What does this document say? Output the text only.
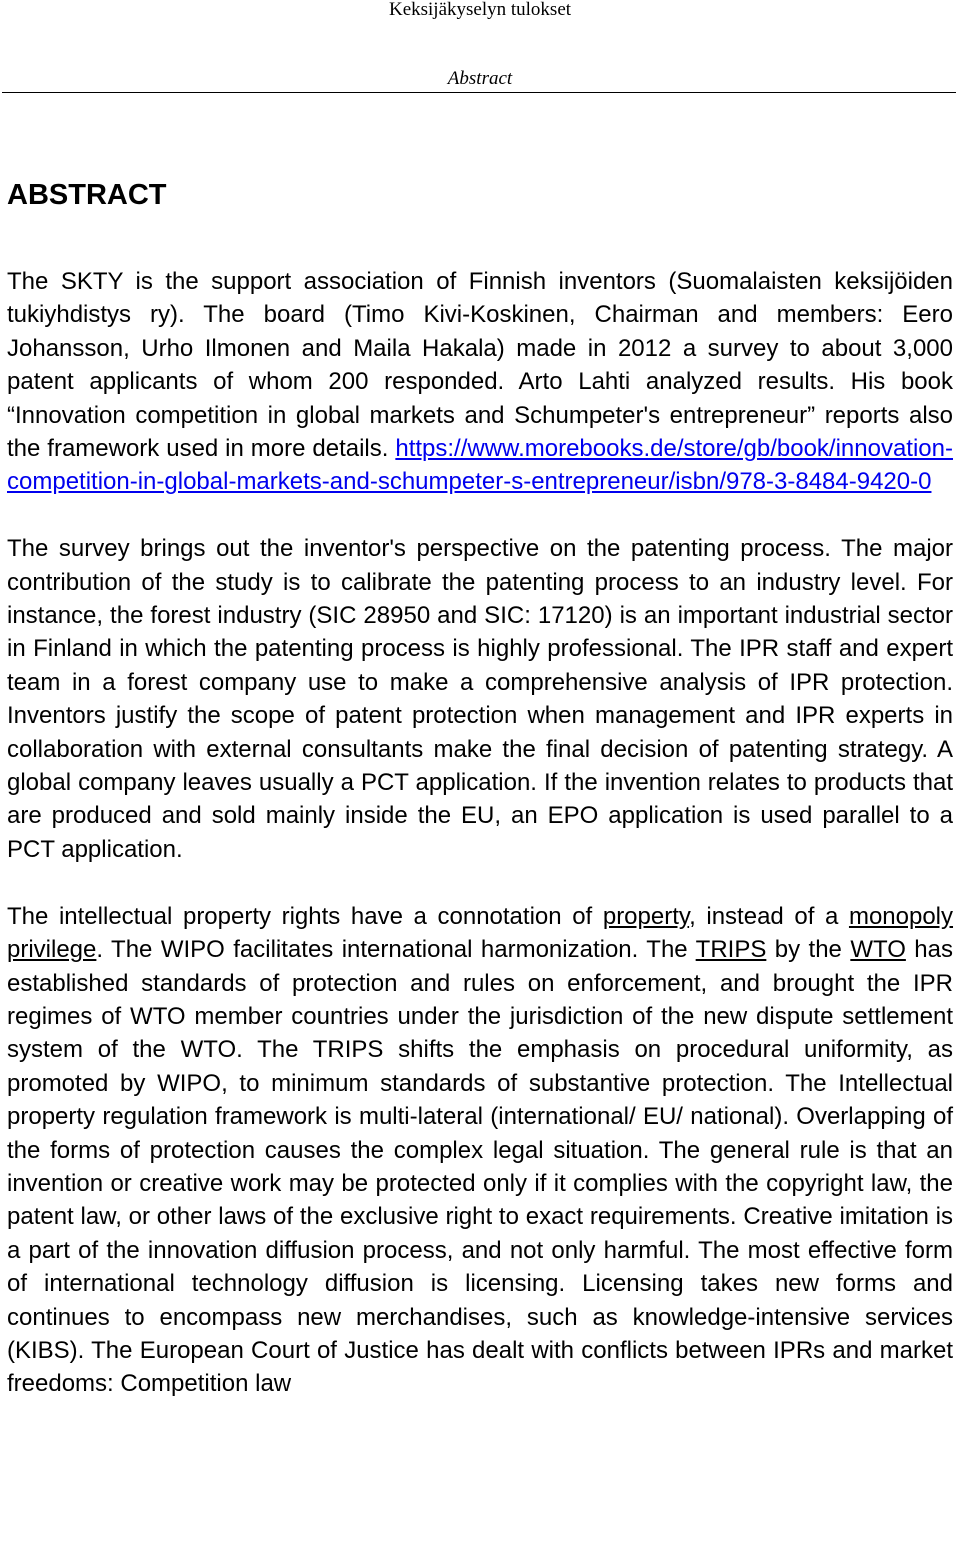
Keksijäkyselyn tulokset
Abstract
ABSTRACT

The SKTY is the support association of Finnish inventors (Suomalaisten keksijöiden tukiyhdistys ry). The board (Timo Kivi-Koskinen, Chairman and members: Eero Johansson, Urho Ilmonen and Maila Hakala) made in 2012 a survey to about 3,000 patent applicants of whom 200 responded. Arto Lahti analyzed results. His book “Innovation competition in global markets and Schumpeter's entrepreneur” reports also the framework used in more details. https://www.morebooks.de/store/gb/book/innovation-competition-in-global-markets-and-schumpeter-s-entrepreneur/isbn/978-3-8484-9420-0

The survey brings out the inventor's perspective on the patenting process. The major contribution of the study is to calibrate the patenting process to an industry level. For instance, the forest industry (SIC 28950 and SIC: 17120) is an important industrial sector in Finland in which the patenting process is highly professional. The IPR staff and expert team in a forest company use to make a comprehensive analysis of IPR protection. Inventors justify the scope of patent protection when management and IPR experts in collaboration with external consultants make the final decision of patenting strategy. A global company leaves usually a PCT application. If the invention relates to products that are produced and sold mainly inside the EU, an EPO application is used parallel to a PCT application.

The intellectual property rights have a connotation of property, instead of a monopoly privilege. The WIPO facilitates international harmonization. The TRIPS by the WTO has established standards of protection and rules on enforcement, and brought the IPR regimes of WTO member countries under the jurisdiction of the new dispute settlement system of the WTO. The TRIPS shifts the emphasis on procedural uniformity, as promoted by WIPO, to minimum standards of substantive protection. The Intellectual property regulation framework is multi-lateral (international/ EU/ national). Overlapping of the forms of protection causes the complex legal situation. The general rule is that an invention or creative work may be protected only if it complies with the copyright law, the patent law, or other laws of the exclusive right to exact requirements. Creative imitation is a part of the innovation diffusion process, and not only harmful. The most effective form of international technology diffusion is licensing. Licensing takes new forms and continues to encompass new merchandises, such as knowledge-intensive services (KIBS). The European Court of Justice has dealt with conflicts between IPRs and market freedoms: Competition law
